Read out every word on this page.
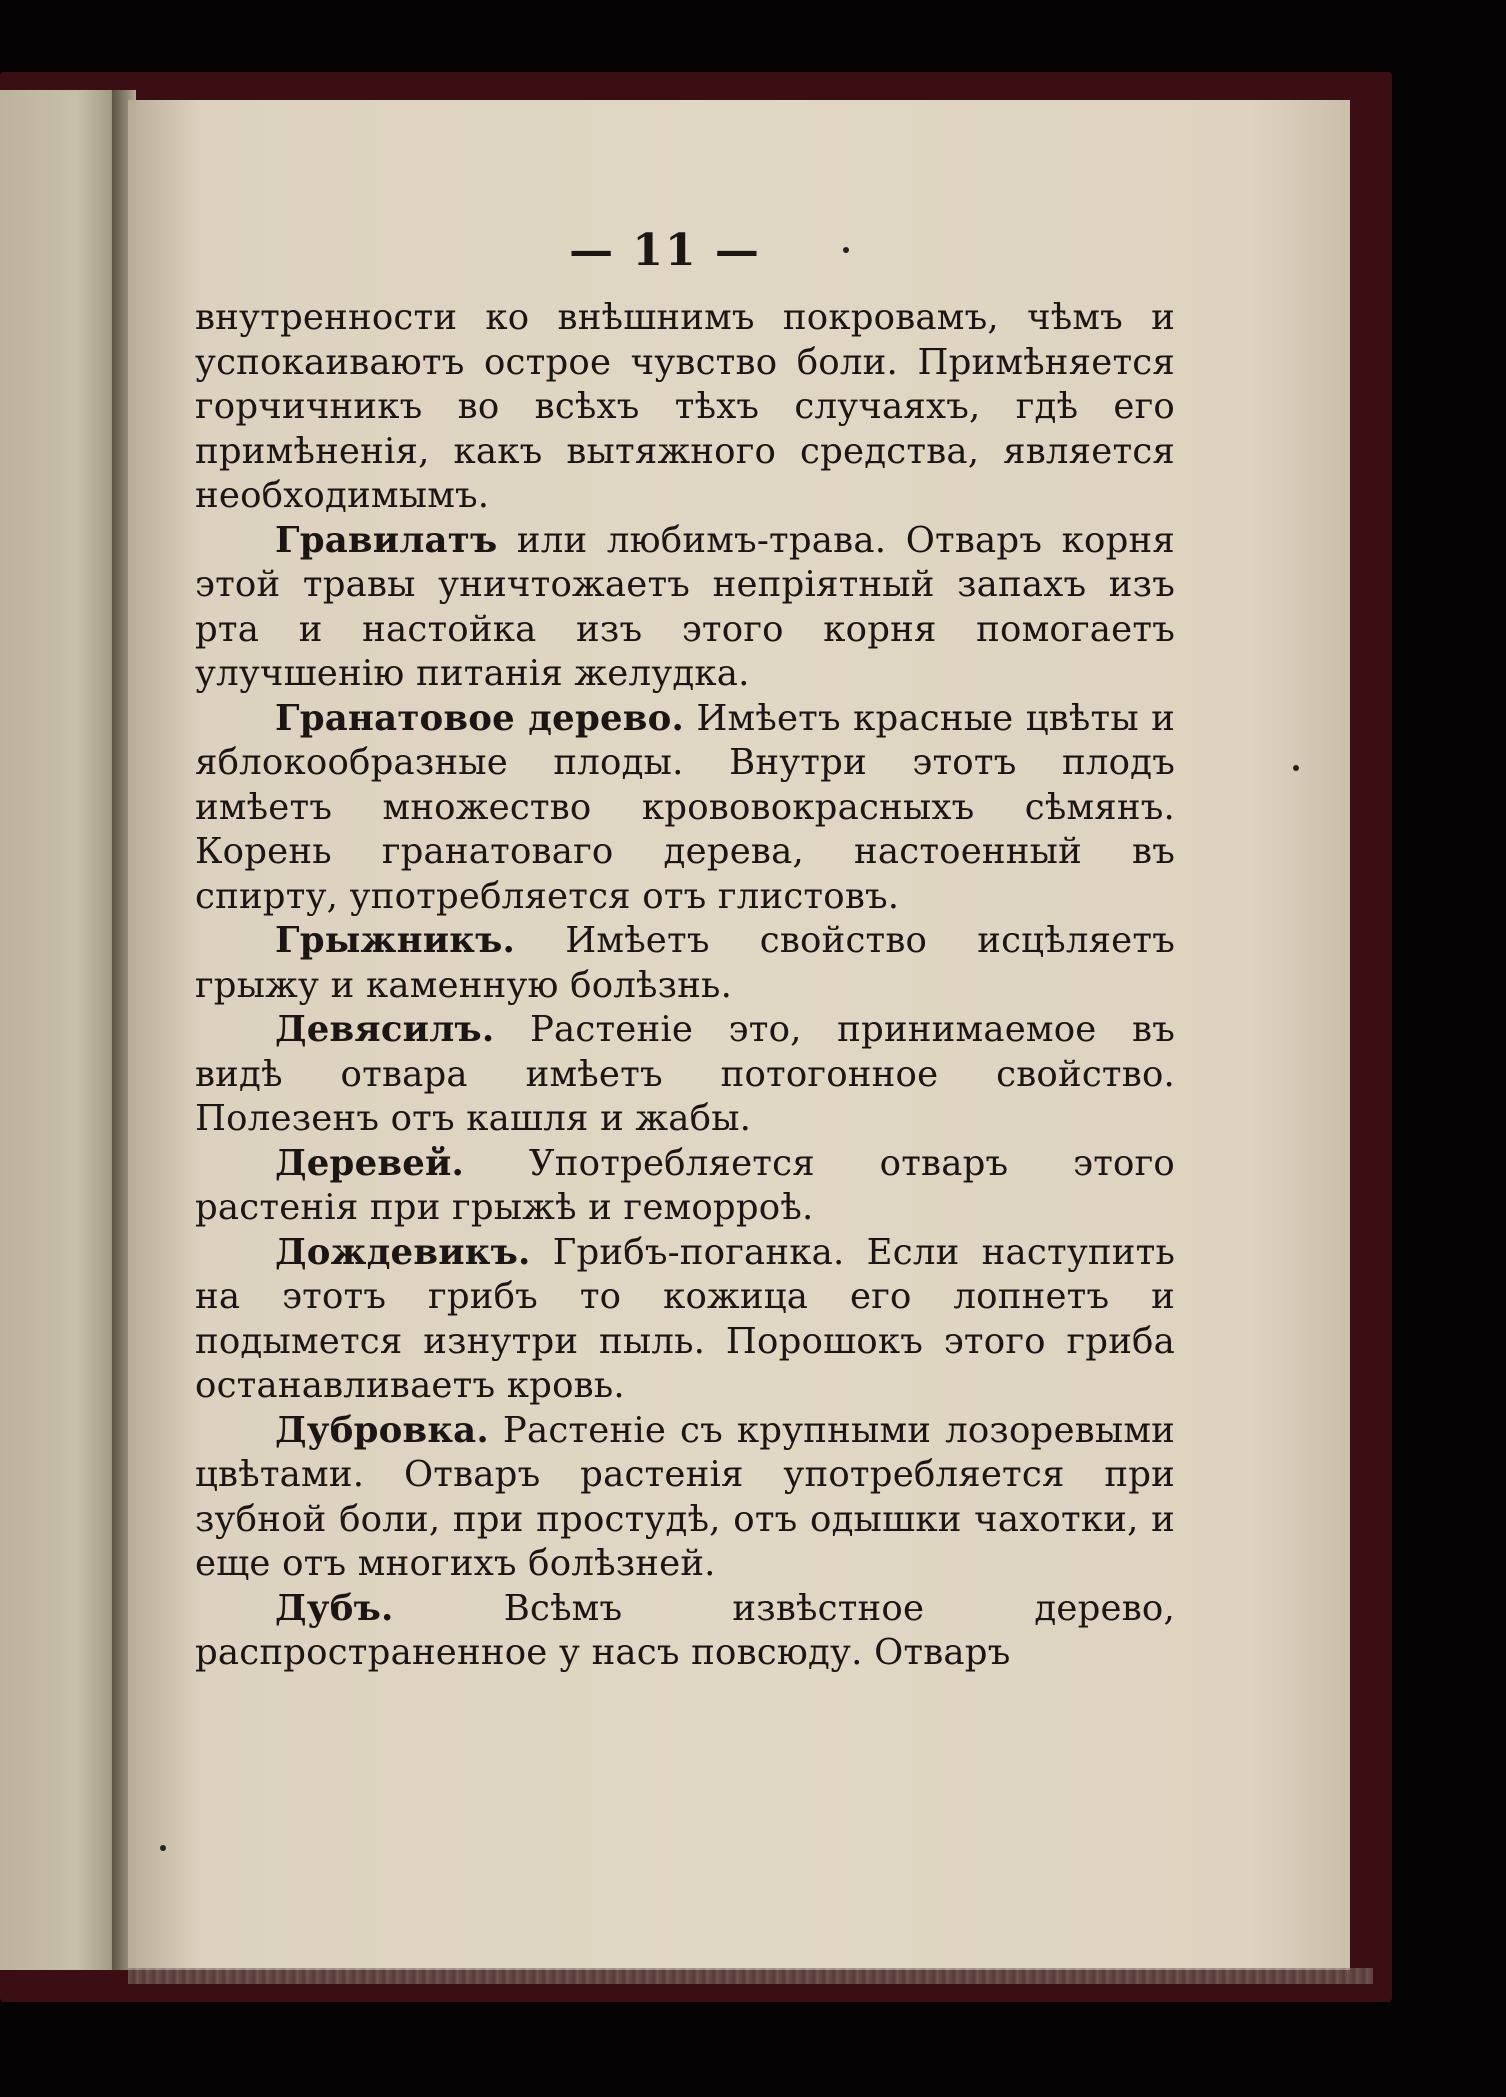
— 11 —

внутренности ко внѣшнимъ покровамъ, чѣмъ и успокаиваютъ острое чувство боли. Примѣняется горчичникъ во всѣхъ тѣхъ случаяхъ, гдѣ его примѣненія, какъ вытяжного средства, является необходимымъ.

Гравилатъ или любимъ-трава. Отваръ корня этой травы уничтожаетъ непріятный запахъ изъ рта и настойка изъ этого корня помогаетъ улучшенію питанія желудка.

Гранатовое дерево. Имѣетъ красные цвѣты и яблокообразные плоды. Внутри этотъ плодъ имѣетъ множество крововокрасныхъ сѣмянъ. Корень гранатоваго дерева, настоенный въ спирту, употребляется отъ глистовъ.

Грыжникъ. Имѣетъ свойство исцѣляетъ грыжу и каменную болѣзнь.

Девясилъ. Растеніе это, принимаемое въ видѣ отвара имѣетъ потогонное свойство. Полезенъ отъ кашля и жабы.

Деревей. Употребляется отваръ этого растенія при грыжѣ и геморроѣ.

Дождевикъ. Грибъ-поганка. Если наступить на этотъ грибъ то кожица его лопнетъ и подымется изнутри пыль. Порошокъ этого гриба останавливаетъ кровь.

Дубровка. Растеніе съ крупными лозоревыми цвѣтами. Отваръ растенія употребляется при зубной боли, при простудѣ, отъ одышки чахотки, и еще отъ многихъ болѣзней.

Дубъ. Всѣмъ извѣстное дерево, распространенное у насъ повсюду. Отваръ
